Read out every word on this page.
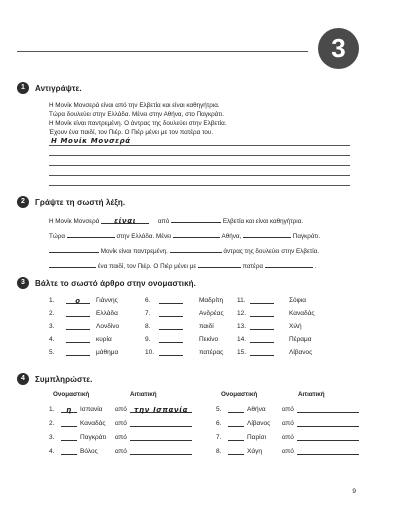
3
1	Αντιγράψτε.
Η Μονίκ Μονσερά είναι από την Ελβετία και είναι καθηγήτρια.
Τώρα δουλεύει στην Ελλάδα. Μένει στην Αθήνα, στο Παγκράτι.
Η Μονίκ είναι παντρεμένη. Ο άντρας της δουλεύει στην Ελβετία.
Έχουν ένα παιδί, τον Πιέρ. Ο Πιέρ μένει με τον πατέρα του.
Η Μονίκ Μονσερά
2	Γράψτε τη σωστή λέξη.
Η Μονίκ Μονσερά είναι	από	Ελβετία και είναι καθηγήτρια.
Τώρα	στην Ελλάδα. Μένει	Αθήνα,	Παγκράτι.
Μονίκ είναι παντρεμένη.	άντρας της δουλεύει στην Ελβετία.
ένα παιδί, τον Πιέρ. Ο Πιέρ μένει με	πατέρα	.
3	Βάλτε το σωστό άρθρο στην ονομαστική.
4	Συμπληρώστε.
Ονομαστική	Αιτιατική	Ονομαστική	Αιτιατική
9
1.	ο	Γιάννης	6.	Μαδρίτη 11.	Σόφια
2.	Ελλάδα	7.	Ανδρέας 12.	Καναδάς
3.	Λονδίνο	8.	παιδί	13.	Χιλή
4.	κυρία	9.	Πεκίνο	14.	Πέραμα
5.	μάθημα	10.	πατέρας 15.	Λίβανος
1.	η	Ισπανία από	την Ισπανία
2.	Καναδάς από
3.	Παγκράτι από
4.	Βόλος	από
5.	Αθήνα	από
6.	Λίβανος από
7.	Παρίσι από
8.	Χάγη	από
